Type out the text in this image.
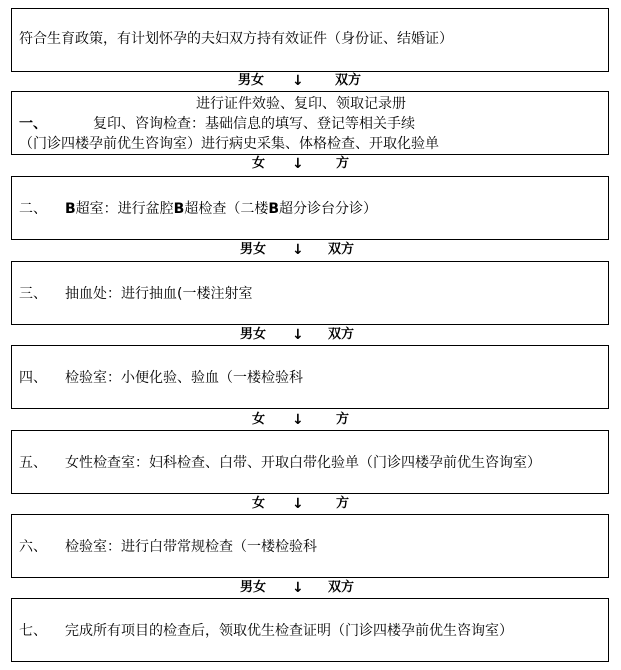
符合生育政策，有计划怀孕的夫妇双方持有效证件（身份证、结婚证）
男女 ↓ 双方
进行证件效验、复印、领取记录册
一、	复印、咨询检查：基础信息的填写、登记等相关手续
（门诊四楼孕前优生咨询室）进行病史采集、体格检查、开取化验单
女 ↓ 方
二、 B超室：进行盆腔B超检查（二楼B超分诊台分诊）
男女 ↓ 双方
三、 抽血处：进行抽血(一楼注射室
男女 ↓ 双方
四、 检验室：小便化验、验血（一楼检验科
女 ↓ 方
五、 女性检查室：妇科检查、白带、开取白带化验单（门诊四楼孕前优生咨询室）
女 ↓ 方
六、 检验室：进行白带常规检查（一楼检验科
男女 ↓ 双方
七、 完成所有项目的检查后，领取优生检查证明（门诊四楼孕前优生咨询室）
